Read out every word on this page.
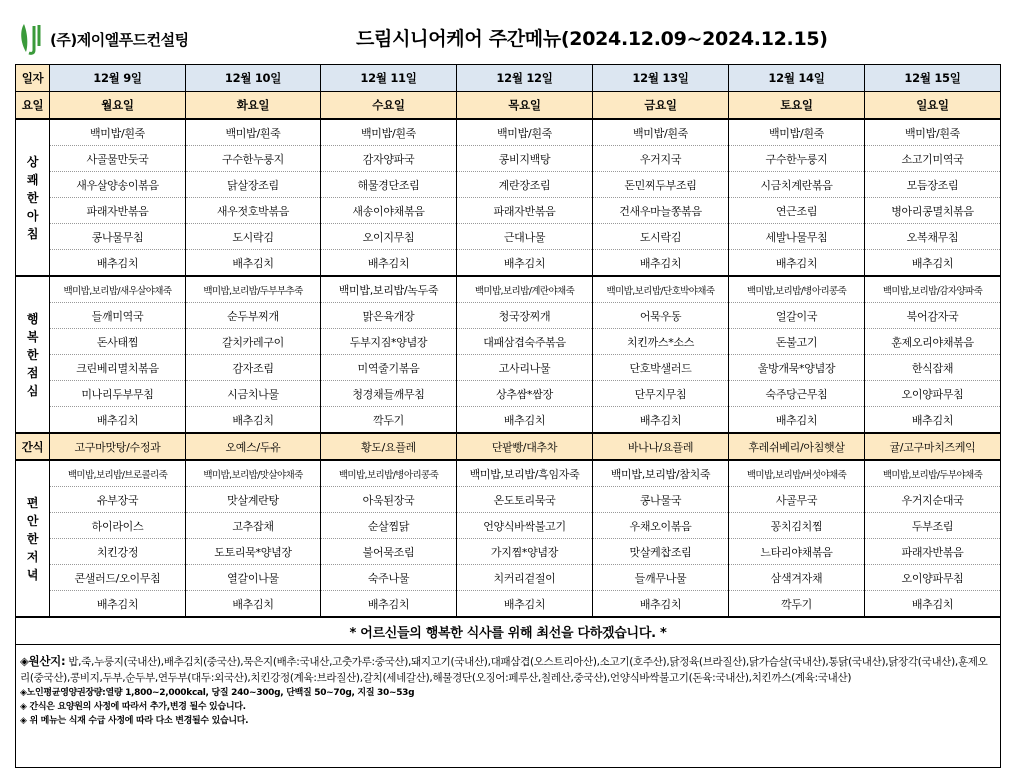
(주)제이엘푸드컨설팅	드림시니어케어 주간메뉴(2024.12.09~2024.12.15)
일자	12월 9일	12월 10일	12월 11일	12월 12일	12월 13일	12월 14일	12월 15일
요일	월요일	화요일	수요일	목요일	금요일	토요일	일요일

상
쾌
한
아
침	백미밥/흰죽	백미밥/흰죽	백미밥/흰죽	백미밥/흰죽	백미밥/흰죽	백미밥/흰죽	백미밥/흰죽
	사골물만둣국	구수한누룽지	감자양파국	콩비지백탕	우거지국	구수한누룽지	소고기미역국
	새우살양송이볶음	닭살장조림	해물경단조림	계란장조림	돈민찌두부조림	시금치계란볶음	모듬장조림
	파래자반볶음	새우젓호박볶음	새송이야채볶음	파래자반볶음	건새우마늘쫑볶음	연근조림	병아리콩멸치볶음
	콩나물무침	도시락김	오이지무침	근대나물	도시락김	세발나물무침	오복채무침
	배추김치	배추김치	배추김치	배추김치	배추김치	배추김치	배추김치

행
복
한
점
심	백미밥,보리밥/새우살야채죽	백미밥,보리밥/두부부추죽	백미밥,보리밥/녹두죽	백미밥,보리밥/계란야채죽	백미밥,보리밥/단호박야채죽	백미밥,보리밥/병아리콩죽	백미밥,보리밥/감자양파죽
	들깨미역국	순두부찌개	맑은육개장	청국장찌개	어묵우동	얼갈이국	북어감자국
	돈사태찜	갈치카레구이	두부지짐*양념장	대패삼겹숙주볶음	치킨까스*소스	돈불고기	훈제오리야채볶음
	크린베리멸치볶음	감자조림	미역줄기볶음	고사리나물	단호박샐러드	울방개묵*양념장	한식잡채
	미나리두부무침	시금치나물	청경채들깨무침	상추쌈*쌈장	단무지무침	숙주당근무침	오이양파무침
	배추김치	배추김치	깍두기	배추김치	배추김치	배추김치	배추김치
간식	고구마맛탕/수정과	오예스/두유	황도/요플레	단팥빵/대추차	바나나/요플레	후레쉬베리/아침햇살	귤/고구마치즈케익

편
안
한
저
녁	백미밥,보리밥/브로콜리죽	백미밥,보리밥/맛살야채죽	백미밥,보리밥/병아리콩죽	백미밥,보리밥/흑임자죽	백미밥,보리밥/참치죽	백미밥,보리밥/버섯야채죽	백미밥,보리밥/두부야채죽
	유부장국	맛살계란탕	아욱된장국	온도토리묵국	콩나물국	사골무국	우거지순대국
	하이라이스	고추잡채	순살찜닭	언양식바싹불고기	우채오이볶음	꽁치김치찜	두부조림
	치킨강정	도토리묵*양념장	불어묵조림	가지찜*양념장	맛살케찹조림	느타리야채볶음	파래자반볶음
	콘샐러드/오이무침	열갈이나물	숙주나물	치커리겉절이	들깨무나물	삼색겨자채	오이양파무침
	배추김치	배추김치	배추김치	배추김치	배추김치	깍두기	배추김치
* 어르신들의 행복한 식사를 위해 최선을 다하겠습니다. *							

◈원산지: 밥,죽,누룽지(국내산),배추김치(중국산),묵은지(배추:국내산,고춧가루:중국산),돼지고기(국내산),대패삼겹(오스트리아산),소고기(호주산),닭정육(브라질산),닭가슴살(국내산),통닭(국내산),닭장각(국내산),훈제오리(중국산),콩비지,두부,순두부,연두부(대두:외국산),치킨강정(계육:브라질산),갈치(세네갈산),해물경단(오징어:페루산,칠레산,중국산),언양식바싹불고기(돈육:국내산),치킨까스(계육:국내산)
◈노인평균영양권장량:열량 1,800~2,000kcal, 당질 240~300g, 단백질 50~70g, 지질 30~53g
◈ 간식은 요양원의 사정에 따라서 추가,변경 될수 있습니다.
◈ 위 메뉴는 식재 수급 사정에 따라 다소 변경될수 있습니다.							
